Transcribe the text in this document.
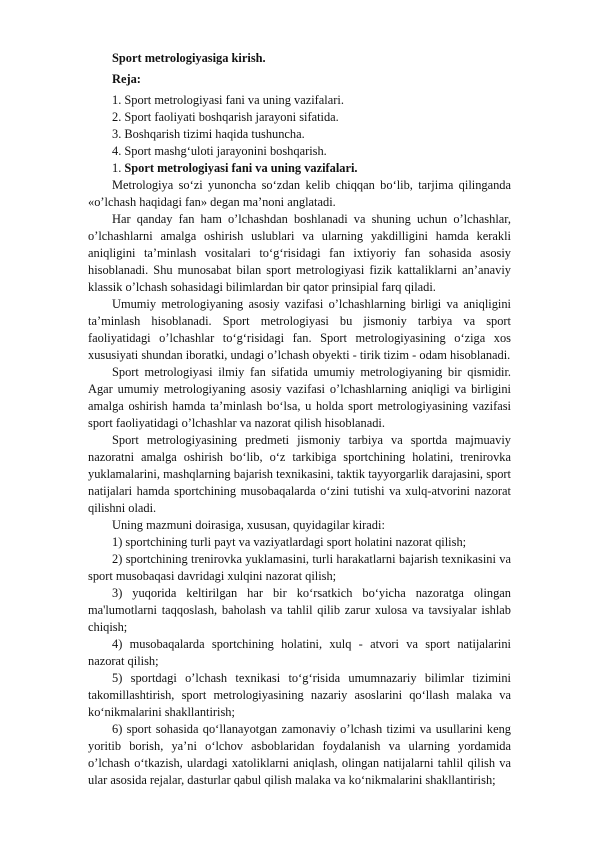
Sport metrologiyasiga kirish.
Reja:
1. Sport metrologiyasi fani va uning vazifalari.
2. Sport faoliyati boshqarish jarayoni sifatida.
3. Boshqarish tizimi haqida tushuncha.
4. Sport mashg‘uloti jarayonini boshqarish.
1. Sport metrologiyasi fani va uning vazifalari.

Metrologiya so‘zi yunoncha so‘zdan kelib chiqqan bo‘lib, tarjima qilinganda «o’lchash haqidagi fan» degan ma’noni anglatadi.

Har qanday fan ham o’lchashdan boshlanadi va shuning uchun o’lchashlar, o’lchashlarni amalga oshirish uslublari va ularning yakdilligini hamda kerakli aniqligini ta’minlash vositalari to‘g‘risidagi fan ixtiyoriy fan sohasida asosiy hisoblanadi. Shu munosabat bilan sport metrologiyasi fizik kattaliklarni an’anaviy klassik o’lchash sohasidagi bilimlardan bir qator prinsipial farq qiladi.

Umumiy metrologiyaning asosiy vazifasi o’lchashlarning birligi va aniqligini ta’minlash hisoblanadi. Sport metrologiyasi bu jismoniy tarbiya va sport faoliyatidagi o’lchashlar to‘g‘risidagi fan. Sport metrologiyasining o‘ziga xos xususiyati shundan iboratki, undagi o’lchash obyekti - tirik tizim - odam hisoblanadi.

Sport metrologiyasi ilmiy fan sifatida umumiy metrologiyaning bir qismidir. Agar umumiy metrologiyaning asosiy vazifasi o’lchashlarning aniqligi va birligini amalga oshirish hamda ta’minlash bo‘lsa, u holda sport metrologiyasining vazifasi sport faoliyatidagi o’lchashlar va nazorat qilish hisoblanadi.

Sport metrologiyasining predmeti jismoniy tarbiya va sportda majmuaviy nazoratni amalga oshirish bo‘lib, o‘z tarkibiga sportchining holatini, trenirovka yuklamalarini, mashqlarning bajarish texnikasini, taktik tayyorgarlik darajasini, sport natijalari hamda sportchining musobaqalarda o‘zini tutishi va xulq-atvorini nazorat qilishni oladi.

Uning mazmuni doirasiga, xususan, quyidagilar kiradi:

1) sportchining turli payt va vaziyatlardagi sport holatini nazorat qilish;

2) sportchining trenirovka yuklamasini, turli harakatlarni bajarish texnikasini va sport musobaqasi davridagi xulqini nazorat qilish;

3) yuqorida keltirilgan har bir ko‘rsatkich bo‘yicha nazoratga olingan ma'lumotlarni taqqoslash, baholash va tahlil qilib zarur xulosa va tavsiyalar ishlab chiqish;

4) musobaqalarda sportchining holatini, xulq - atvori va sport natijalarini nazorat qilish;

5) sportdagi o’lchash texnikasi to‘g‘risida umumnazariy bilimlar tizimini takomillashtirish, sport metrologiyasining nazariy asoslarini qo‘llash malaka va ko‘nikmalarini shakllantirish;

6) sport sohasida qo‘llanayotgan zamonaviy o’lchash tizimi va usullarini keng yoritib borish, ya’ni o‘lchov asboblaridan foydalanish va ularning yordamida o’lchash o‘tkazish, ulardagi xatoliklarni aniqlash, olingan natijalarni tahlil qilish va ular asosida rejalar, dasturlar qabul qilish malaka va ko‘nikmalarini shakllantirish;
